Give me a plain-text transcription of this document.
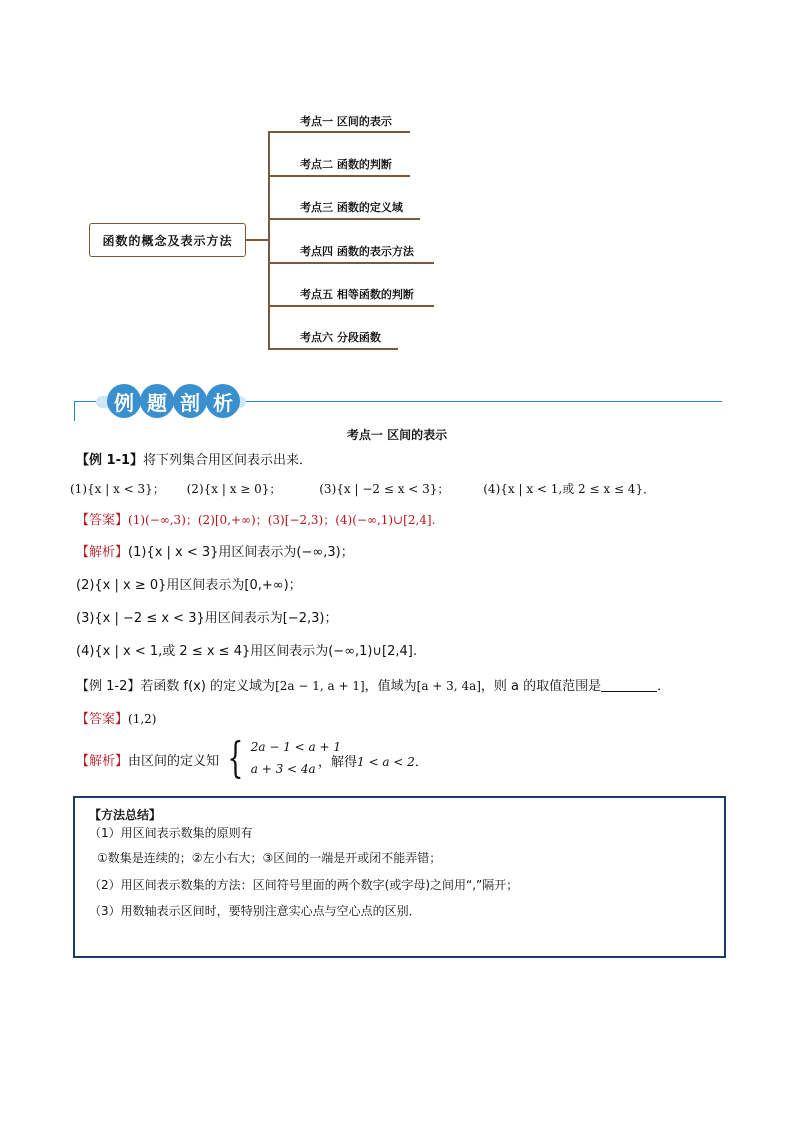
函数的概念及表示方法
考点一 区间的表示
考点二 函数的判断
考点三 函数的定义域
考点四 函数的表示方法
考点五 相等函数的判断
考点六 分段函数
例 题 剖 析
考点一 区间的表示
【例 1-1】将下列集合用区间表示出来．
(1){x | x < 3}； (2){x | x ≥ 0}；	(3){x | −2 ≤ x < 3}；	(4){x | x < 1,或 2 ≤ x ≤ 4}．
【答案】(1)(−∞,3)；(2)[0,+∞)；(3)[−2,3)；(4)(−∞,1)∪[2,4].
【解析】(1){x | x < 3}用区间表示为(−∞,3)；
(2){x | x ≥ 0}用区间表示为[0,+∞)；
(3){x | −2 ≤ x < 3}用区间表示为[−2,3)；
(4){x | x < 1,或 2 ≤ x ≤ 4}用区间表示为(−∞,1)∪[2,4].
【例 1-2】若函数 f(x) 的定义域为[2a − 1, a + 1]，值域为[a + 3, 4a]，则 a 的取值范围是	．
【答案】(1,2)
【解析】由区间的定义知 { 2a − 1 < a + 1
a + 3 < 4a ，解得1 < a < 2．
【方法总结】
（1）用区间表示数集的原则有
①数集是连续的；②左小右大；③区间的一端是开或闭不能弄错；
（2）用区间表示数集的方法：区间符号里面的两个数字(或字母)之间用“,”隔开；
（3）用数轴表示区间时，要特别注意实心点与空心点的区别．
